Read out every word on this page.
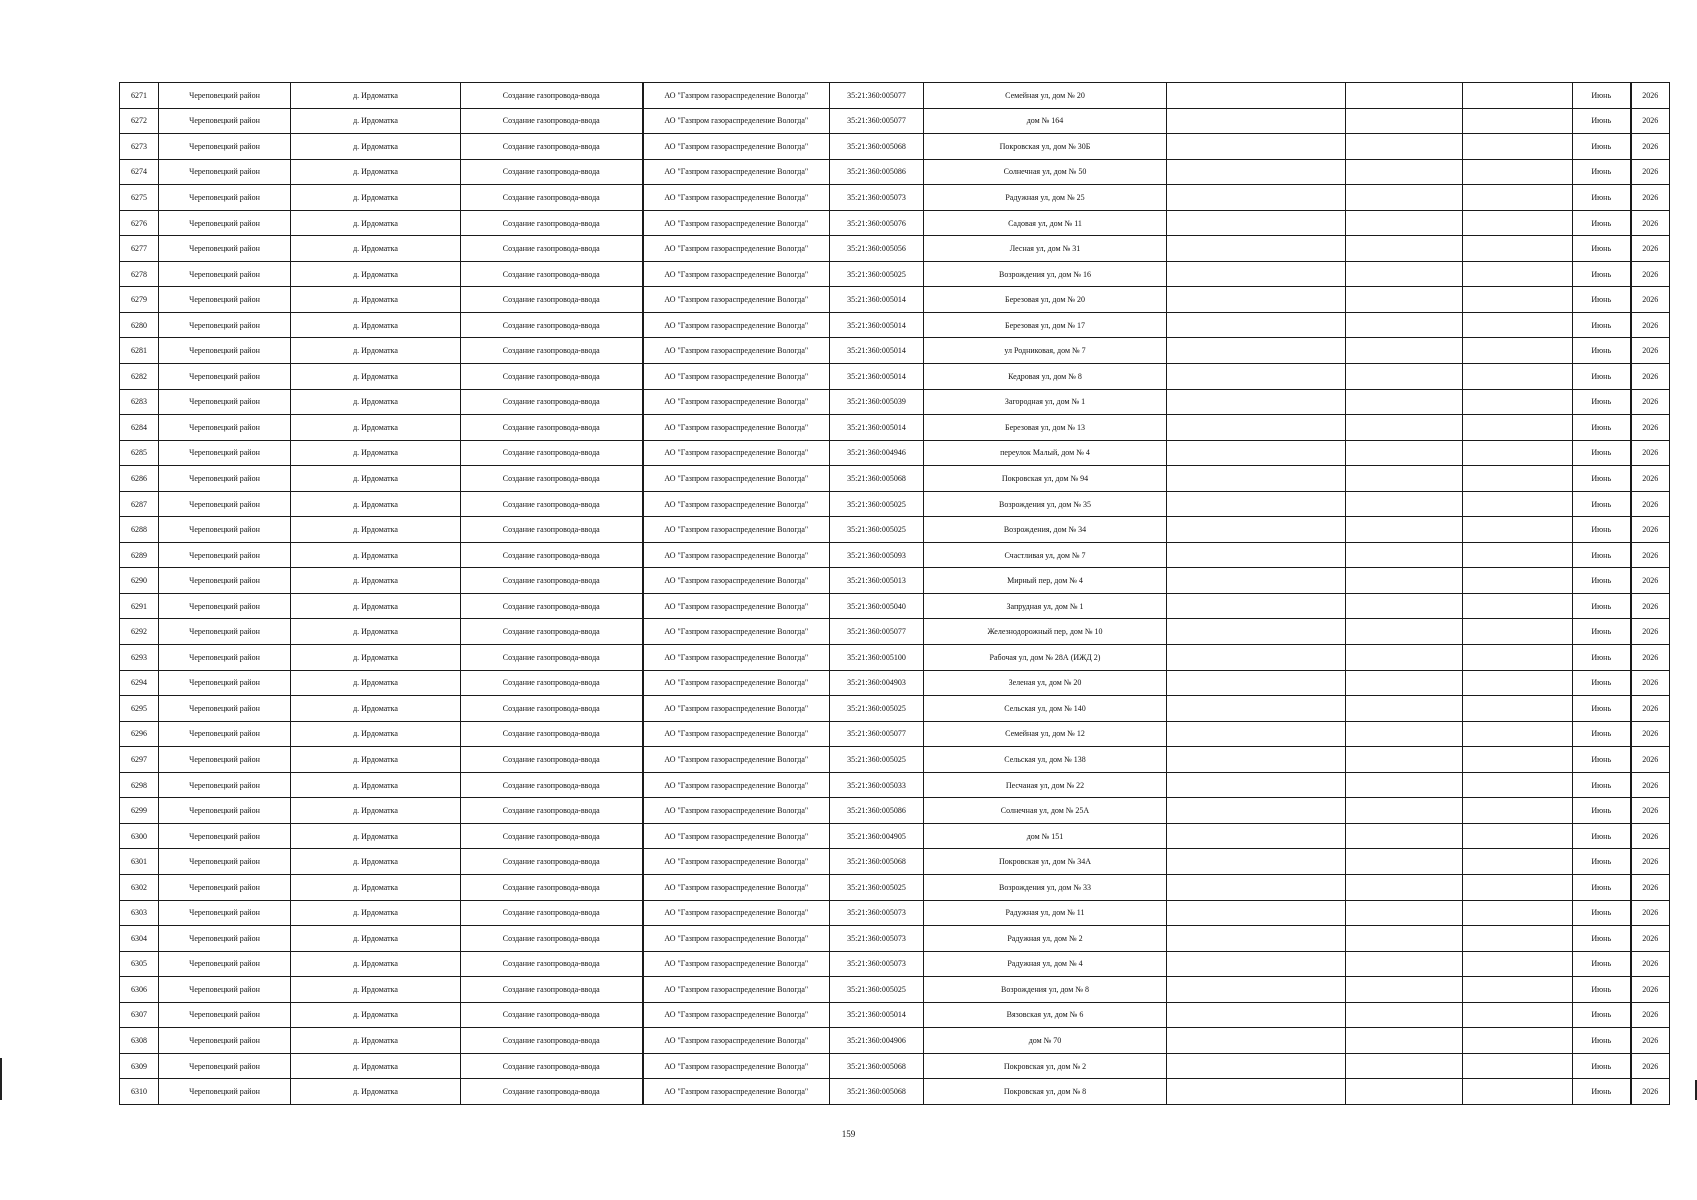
6271	Череповецкий район	д. Ирдоматка	Создание газопровода-ввода	АО "Газпром газораспределение Вологда"	35:21:360:005077	Семейная ул, дом № 20				Июнь	2026
6272	Череповецкий район	д. Ирдоматка	Создание газопровода-ввода	АО "Газпром газораспределение Вологда"	35:21:360:005077	дом № 164				Июнь	2026
6273	Череповецкий район	д. Ирдоматка	Создание газопровода-ввода	АО "Газпром газораспределение Вологда"	35:21:360:005068	Покровская ул, дом № 30Б				Июнь	2026
6274	Череповецкий район	д. Ирдоматка	Создание газопровода-ввода	АО "Газпром газораспределение Вологда"	35:21:360:005086	Солнечная ул, дом № 50				Июнь	2026
6275	Череповецкий район	д. Ирдоматка	Создание газопровода-ввода	АО "Газпром газораспределение Вологда"	35:21:360:005073	Радужная ул, дом № 25				Июнь	2026
6276	Череповецкий район	д. Ирдоматка	Создание газопровода-ввода	АО "Газпром газораспределение Вологда"	35:21:360:005076	Садовая ул, дом № 11				Июнь	2026
6277	Череповецкий район	д. Ирдоматка	Создание газопровода-ввода	АО "Газпром газораспределение Вологда"	35:21:360:005056	Лесная ул, дом № 31				Июнь	2026
6278	Череповецкий район	д. Ирдоматка	Создание газопровода-ввода	АО "Газпром газораспределение Вологда"	35:21:360:005025	Возрождения ул, дом № 16				Июнь	2026
6279	Череповецкий район	д. Ирдоматка	Создание газопровода-ввода	АО "Газпром газораспределение Вологда"	35:21:360:005014	Березовая ул, дом № 20				Июнь	2026
6280	Череповецкий район	д. Ирдоматка	Создание газопровода-ввода	АО "Газпром газораспределение Вологда"	35:21:360:005014	Березовая ул, дом № 17				Июнь	2026
6281	Череповецкий район	д. Ирдоматка	Создание газопровода-ввода	АО "Газпром газораспределение Вологда"	35:21:360:005014	ул Родниковая, дом № 7				Июнь	2026
6282	Череповецкий район	д. Ирдоматка	Создание газопровода-ввода	АО "Газпром газораспределение Вологда"	35:21:360:005014	Кедровая ул, дом № 8				Июнь	2026
6283	Череповецкий район	д. Ирдоматка	Создание газопровода-ввода	АО "Газпром газораспределение Вологда"	35:21:360:005039	Загородная ул, дом № 1				Июнь	2026
6284	Череповецкий район	д. Ирдоматка	Создание газопровода-ввода	АО "Газпром газораспределение Вологда"	35:21:360:005014	Березовая ул, дом № 13				Июнь	2026
6285	Череповецкий район	д. Ирдоматка	Создание газопровода-ввода	АО "Газпром газораспределение Вологда"	35:21:360:004946	переулок Малый, дом № 4				Июнь	2026
6286	Череповецкий район	д. Ирдоматка	Создание газопровода-ввода	АО "Газпром газораспределение Вологда"	35:21:360:005068	Покровская ул, дом № 94				Июнь	2026
6287	Череповецкий район	д. Ирдоматка	Создание газопровода-ввода	АО "Газпром газораспределение Вологда"	35:21:360:005025	Возрождения ул, дом № 35				Июнь	2026
6288	Череповецкий район	д. Ирдоматка	Создание газопровода-ввода	АО "Газпром газораспределение Вологда"	35:21:360:005025	Возрождения, дом № 34				Июнь	2026
6289	Череповецкий район	д. Ирдоматка	Создание газопровода-ввода	АО "Газпром газораспределение Вологда"	35:21:360:005093	Счастливая ул, дом № 7				Июнь	2026
6290	Череповецкий район	д. Ирдоматка	Создание газопровода-ввода	АО "Газпром газораспределение Вологда"	35:21:360:005013	Мирный пер, дом № 4				Июнь	2026
6291	Череповецкий район	д. Ирдоматка	Создание газопровода-ввода	АО "Газпром газораспределение Вологда"	35:21:360:005040	Запрудная ул, дом № 1				Июнь	2026
6292	Череповецкий район	д. Ирдоматка	Создание газопровода-ввода	АО "Газпром газораспределение Вологда"	35:21:360:005077	Железнодорожный пер, дом № 10				Июнь	2026
6293	Череповецкий район	д. Ирдоматка	Создание газопровода-ввода	АО "Газпром газораспределение Вологда"	35:21:360:005100	Рабочая ул, дом № 28А (ИЖД 2)				Июнь	2026
6294	Череповецкий район	д. Ирдоматка	Создание газопровода-ввода	АО "Газпром газораспределение Вологда"	35:21:360:004903	Зеленая ул, дом № 20				Июнь	2026
6295	Череповецкий район	д. Ирдоматка	Создание газопровода-ввода	АО "Газпром газораспределение Вологда"	35:21:360:005025	Сельская ул, дом № 140				Июнь	2026
6296	Череповецкий район	д. Ирдоматка	Создание газопровода-ввода	АО "Газпром газораспределение Вологда"	35:21:360:005077	Семейная ул, дом № 12				Июнь	2026
6297	Череповецкий район	д. Ирдоматка	Создание газопровода-ввода	АО "Газпром газораспределение Вологда"	35:21:360:005025	Сельская ул, дом № 138				Июнь	2026
6298	Череповецкий район	д. Ирдоматка	Создание газопровода-ввода	АО "Газпром газораспределение Вологда"	35:21:360:005033	Песчаная ул, дом № 22				Июнь	2026
6299	Череповецкий район	д. Ирдоматка	Создание газопровода-ввода	АО "Газпром газораспределение Вологда"	35:21:360:005086	Солнечная ул, дом № 25А				Июнь	2026
6300	Череповецкий район	д. Ирдоматка	Создание газопровода-ввода	АО "Газпром газораспределение Вологда"	35:21:360:004905	дом № 151				Июнь	2026
6301	Череповецкий район	д. Ирдоматка	Создание газопровода-ввода	АО "Газпром газораспределение Вологда"	35:21:360:005068	Покровская ул, дом № 34А				Июнь	2026
6302	Череповецкий район	д. Ирдоматка	Создание газопровода-ввода	АО "Газпром газораспределение Вологда"	35:21:360:005025	Возрождения ул, дом № 33				Июнь	2026
6303	Череповецкий район	д. Ирдоматка	Создание газопровода-ввода	АО "Газпром газораспределение Вологда"	35:21:360:005073	Радужная ул, дом № 11				Июнь	2026
6304	Череповецкий район	д. Ирдоматка	Создание газопровода-ввода	АО "Газпром газораспределение Вологда"	35:21:360:005073	Радужная ул, дом № 2				Июнь	2026
6305	Череповецкий район	д. Ирдоматка	Создание газопровода-ввода	АО "Газпром газораспределение Вологда"	35:21:360:005073	Радужная ул, дом № 4				Июнь	2026
6306	Череповецкий район	д. Ирдоматка	Создание газопровода-ввода	АО "Газпром газораспределение Вологда"	35:21:360:005025	Возрождения ул, дом № 8				Июнь	2026
6307	Череповецкий район	д. Ирдоматка	Создание газопровода-ввода	АО "Газпром газораспределение Вологда"	35:21:360:005014	Вязовская ул, дом № 6				Июнь	2026
6308	Череповецкий район	д. Ирдоматка	Создание газопровода-ввода	АО "Газпром газораспределение Вологда"	35:21:360:004906	дом № 70				Июнь	2026
6309	Череповецкий район	д. Ирдоматка	Создание газопровода-ввода	АО "Газпром газораспределение Вологда"	35:21:360:005068	Покровская ул, дом № 2				Июнь	2026
6310	Череповецкий район	д. Ирдоматка	Создание газопровода-ввода	АО "Газпром газораспределение Вологда"	35:21:360:005068	Покровская ул, дом № 8				Июнь	2026
159
